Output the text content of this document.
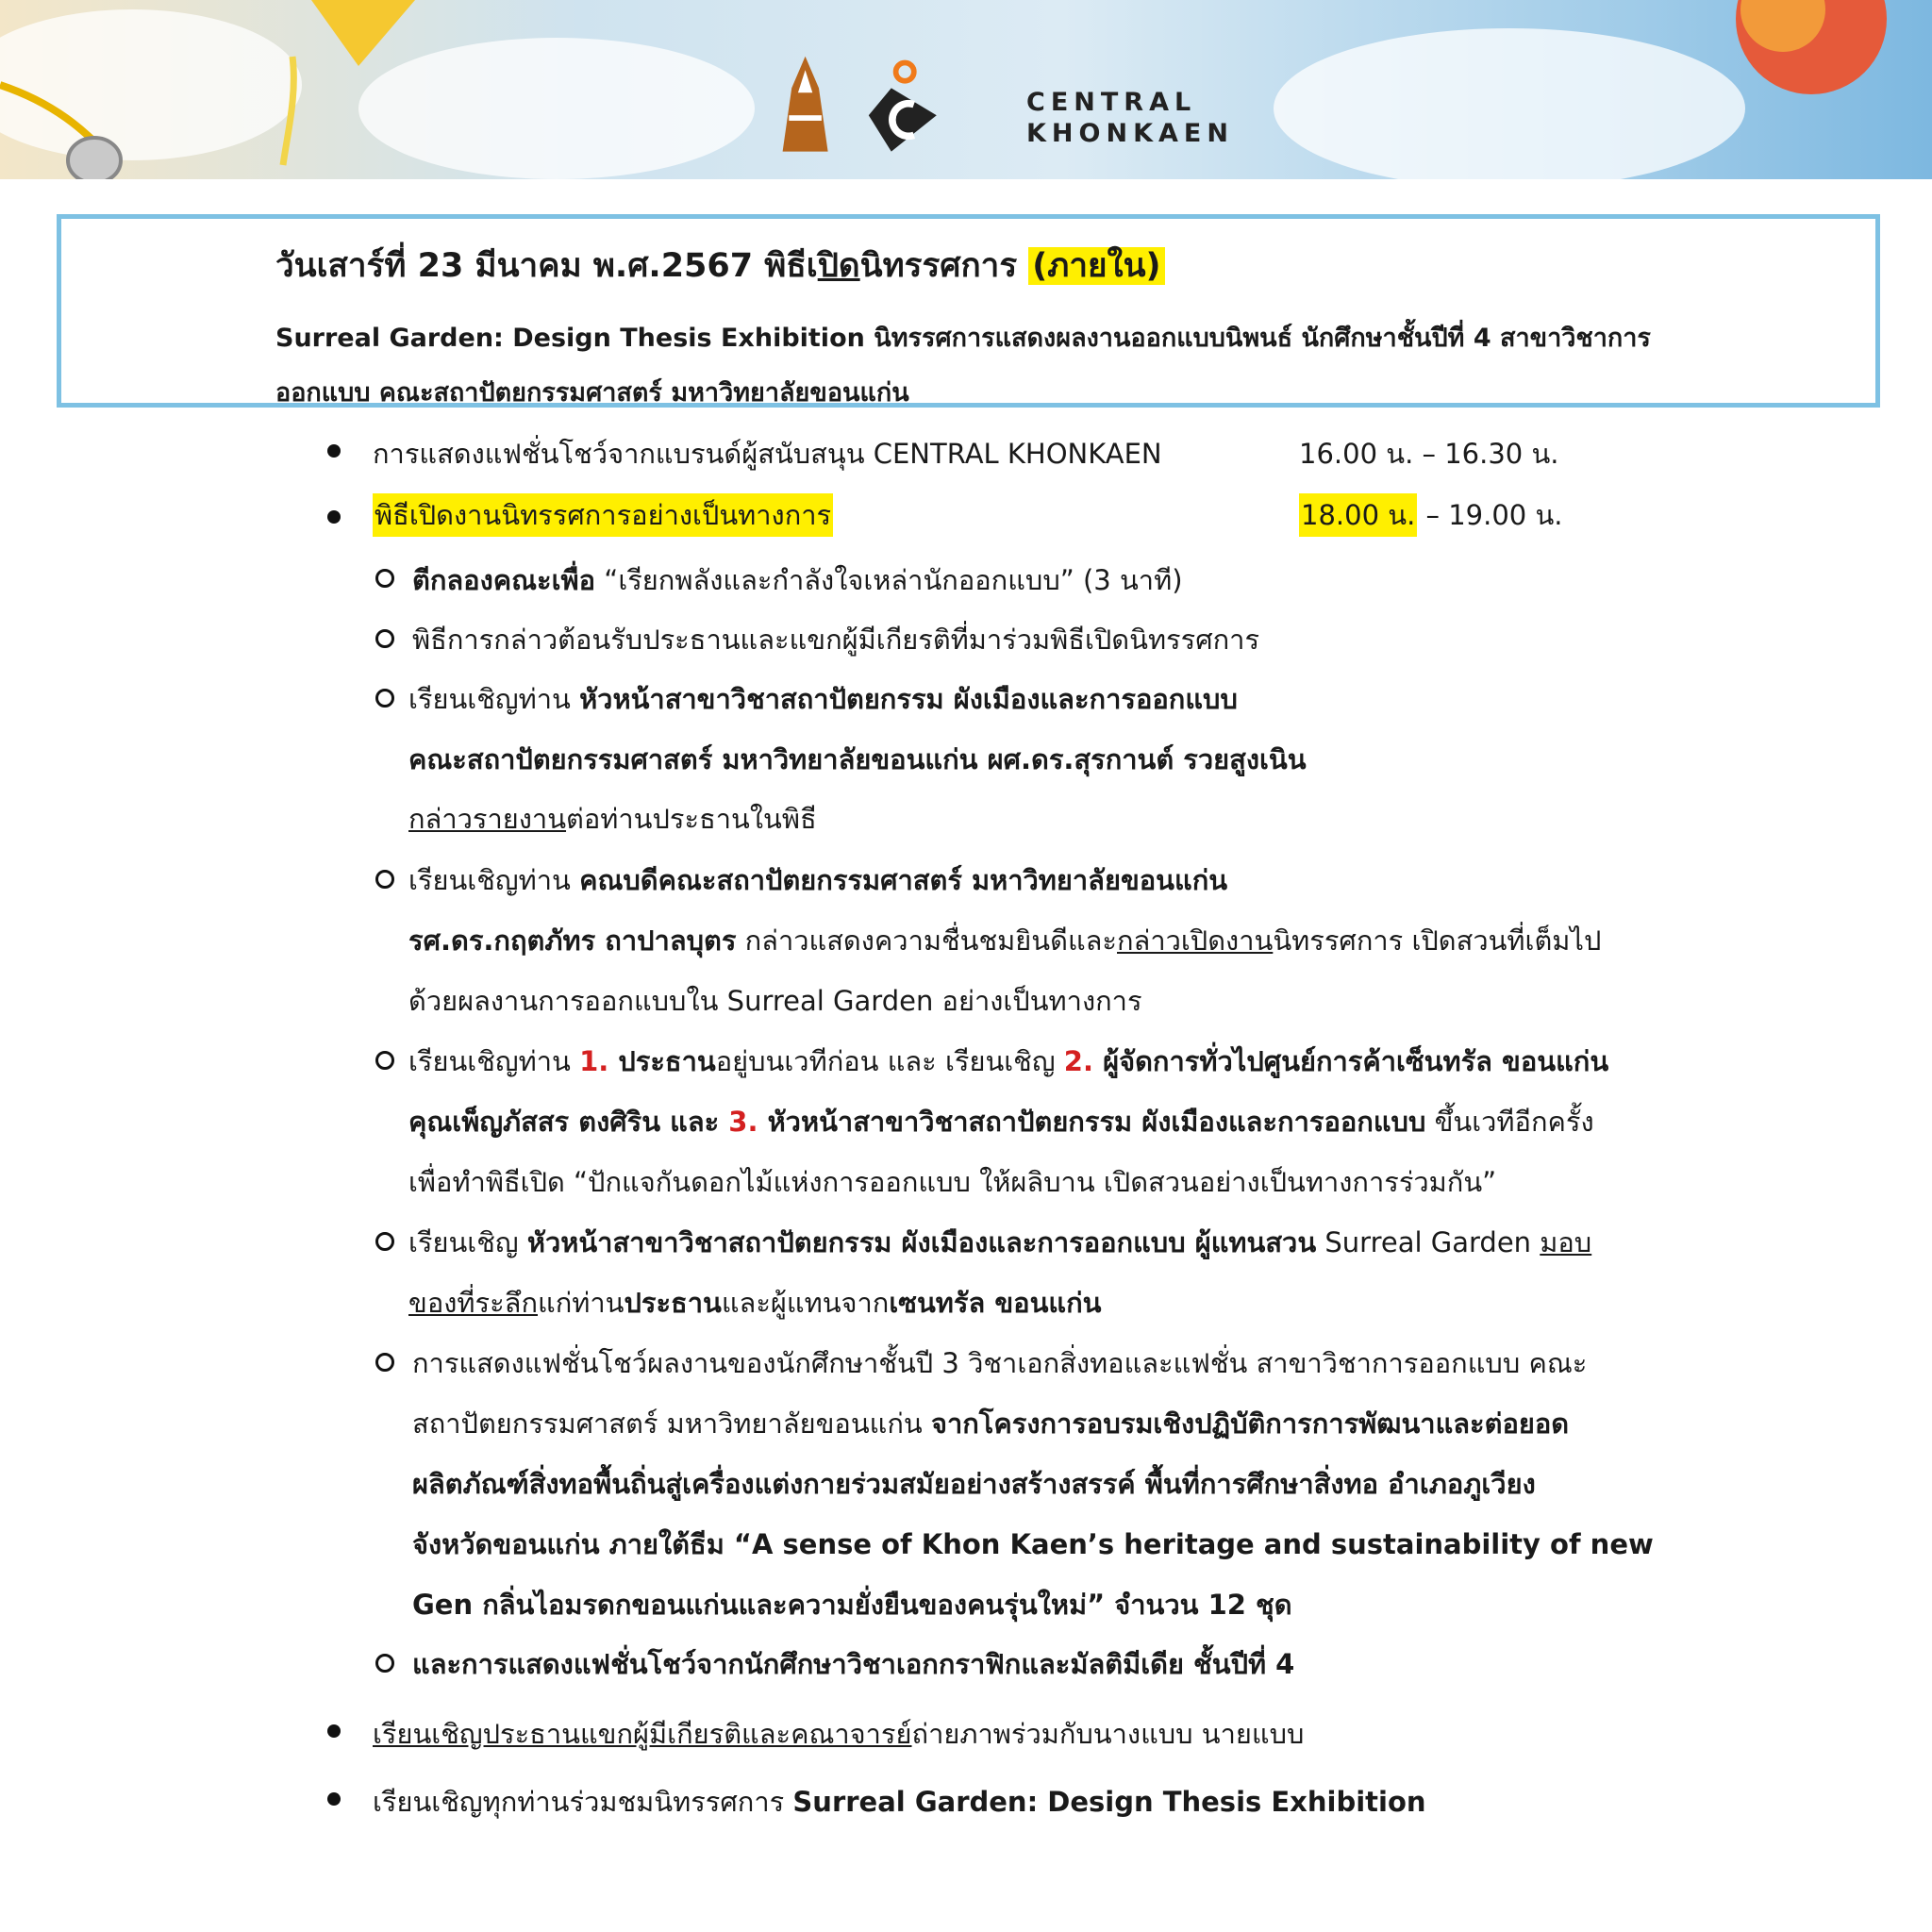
CENTRAL
KHONKAEN
วันเสาร์ที่ 23 มีนาคม พ.ศ.2567 พิธีเปิดนิทรรศการ (ภายใน)
Surreal Garden: Design Thesis Exhibition นิทรรศการแสดงผลงานออกแบบนิพนธ์ นักศึกษาชั้นปีที่ 4 สาขาวิชาการออกแบบ คณะสถาปัตยกรรมศาสตร์ มหาวิทยาลัยขอนแก่น
การแสดงแฟชั่นโชว์จากแบรนด์ผู้สนับสนุน CENTRAL KHONKAEN	16.00 น. – 16.30 น.
พิธีเปิดงานนิทรรศการอย่างเป็นทางการ	18.00 น. – 19.00 น.
ตีกลองคณะเพื่อ “เรียกพลังและกำลังใจเหล่านักออกแบบ” (3 นาที)
พิธีการกล่าวต้อนรับประธานและแขกผู้มีเกียรติที่มาร่วมพิธีเปิดนิทรรศการ
เรียนเชิญท่าน หัวหน้าสาขาวิชาสถาปัตยกรรม ผังเมืองและการออกแบบ
คณะสถาปัตยกรรมศาสตร์ มหาวิทยาลัยขอนแก่น ผศ.ดร.สุรกานต์ รวยสูงเนิน
กล่าวรายงานต่อท่านประธานในพิธี
เรียนเชิญท่าน คณบดีคณะสถาปัตยกรรมศาสตร์ มหาวิทยาลัยขอนแก่น
รศ.ดร.กฤตภัทร ถาปาลบุตร กล่าวแสดงความชื่นชมยินดีและกล่าวเปิดงานนิทรรศการ เปิดสวนที่เต็มไป
ด้วยผลงานการออกแบบใน Surreal Garden อย่างเป็นทางการ
เรียนเชิญท่าน 1. ประธานอยู่บนเวทีก่อน และ เรียนเชิญ 2. ผู้จัดการทั่วไปศูนย์การค้าเซ็นทรัล ขอนแก่น
คุณเพ็ญภัสสร ตงศิริน และ 3. หัวหน้าสาขาวิชาสถาปัตยกรรม ผังเมืองและการออกแบบ ขึ้นเวทีอีกครั้ง
เพื่อทำพิธีเปิด “ปักแจกันดอกไม้แห่งการออกแบบ ให้ผลิบาน เปิดสวนอย่างเป็นทางการร่วมกัน”
เรียนเชิญ หัวหน้าสาขาวิชาสถาปัตยกรรม ผังเมืองและการออกแบบ ผู้แทนสวน Surreal Garden มอบ
ของที่ระลึกแก่ท่านประธานและผู้แทนจากเซนทรัล ขอนแก่น
การแสดงแฟชั่นโชว์ผลงานของนักศึกษาชั้นปี 3 วิชาเอกสิ่งทอและแฟชั่น สาขาวิชาการออกแบบ คณะ
สถาปัตยกรรมศาสตร์ มหาวิทยาลัยขอนแก่น จากโครงการอบรมเชิงปฏิบัติการการพัฒนาและต่อยอด
ผลิตภัณฑ์สิ่งทอพื้นถิ่นสู่เครื่องแต่งกายร่วมสมัยอย่างสร้างสรรค์ พื้นที่การศึกษาสิ่งทอ อำเภอภูเวียง
จังหวัดขอนแก่น ภายใต้ธีม “A sense of Khon Kaen’s heritage and sustainability of new
Gen กลิ่นไอมรดกขอนแก่นและความยั่งยืนของคนรุ่นใหม่” จำนวน 12 ชุด
และการแสดงแฟชั่นโชว์จากนักศึกษาวิชาเอกกราฟิกและมัลติมีเดีย ชั้นปีที่ 4
เรียนเชิญประธานแขกผู้มีเกียรติและคณาจารย์ถ่ายภาพร่วมกับนางแบบ นายแบบ
เรียนเชิญทุกท่านร่วมชมนิทรรศการ Surreal Garden: Design Thesis Exhibition
